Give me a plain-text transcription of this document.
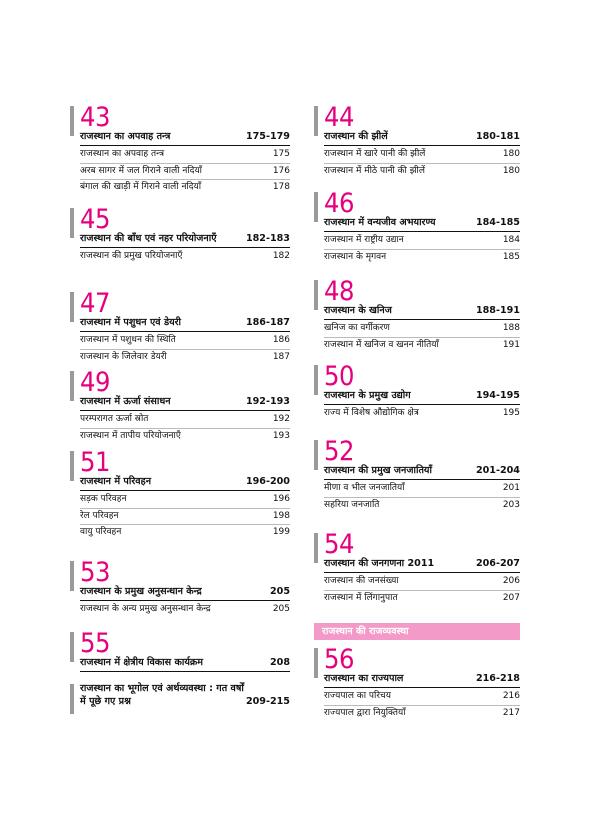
43
राजस्थान का अपवाह तन्त्र	175-179
राजस्थान का अपवाह तन्त्र	175
अरब सागर में जल गिराने वाली नदियाँ	176
बंगाल की खाड़ी में गिराने वाली नदियाँ	178
45
राजस्थान की बाँध एवं नहर परियोजनाएँ	182-183
राजस्थान की प्रमुख परियोजनाएँ	182
47
राजस्थान में पशुधन एवं डेयरी	186-187
राजस्थान में पशुधन की स्थिति	186
राजस्थान के जिलेवार डेयरी	187
49
राजस्थान में ऊर्जा संसाधन	192-193
परम्परागत ऊर्जा स्रोत	192
राजस्थान में तापीय परियोजनाएँ	193
51
राजस्थान में परिवहन	196-200
सड़क परिवहन	196
रेल परिवहन	198
वायु परिवहन	199
53
राजस्थान के प्रमुख अनुसन्धान केन्द्र	205
राजस्थान के अन्य प्रमुख अनुसन्धान केन्द्र	205
55
राजस्थान में क्षेत्रीय विकास कार्यक्रम	208
राजस्थान का भूगोल एवं अर्थव्यवस्था : गत वर्षों
में पूछे गए प्रश्न	209-215
44
राजस्थान की झीलें	180-181
राजस्थान में खारे पानी की झीलें	180
राजस्थान में मीठे पानी की झीलें	180
46
राजस्थान में वन्यजीव अभयारण्य	184-185
राजस्थान में राष्ट्रीय उद्यान	184
राजस्थान के मृगवन	185
48
राजस्थान के खनिज	188-191
खनिज का वर्गीकरण	188
राजस्थान में खनिज व खनन नीतियाँ	191
50
राजस्थान के प्रमुख उद्योग	194-195
राज्य में विशेष औद्योगिक क्षेत्र	195
52
राजस्थान की प्रमुख जनजातियाँ	201-204
मीणा व भील जनजातियाँ	201
सहरिया जनजाति	203
54
राजस्थान की जनगणना 2011	206-207
राजस्थान की जनसंख्या	206
राजस्थान में लिंगानुपात	207
राजस्थान की राजव्यवस्था
56
राजस्थान का राज्यपाल	216-218
राज्यपाल का परिचय	216
राज्यपाल द्वारा नियुक्तियाँ	217
